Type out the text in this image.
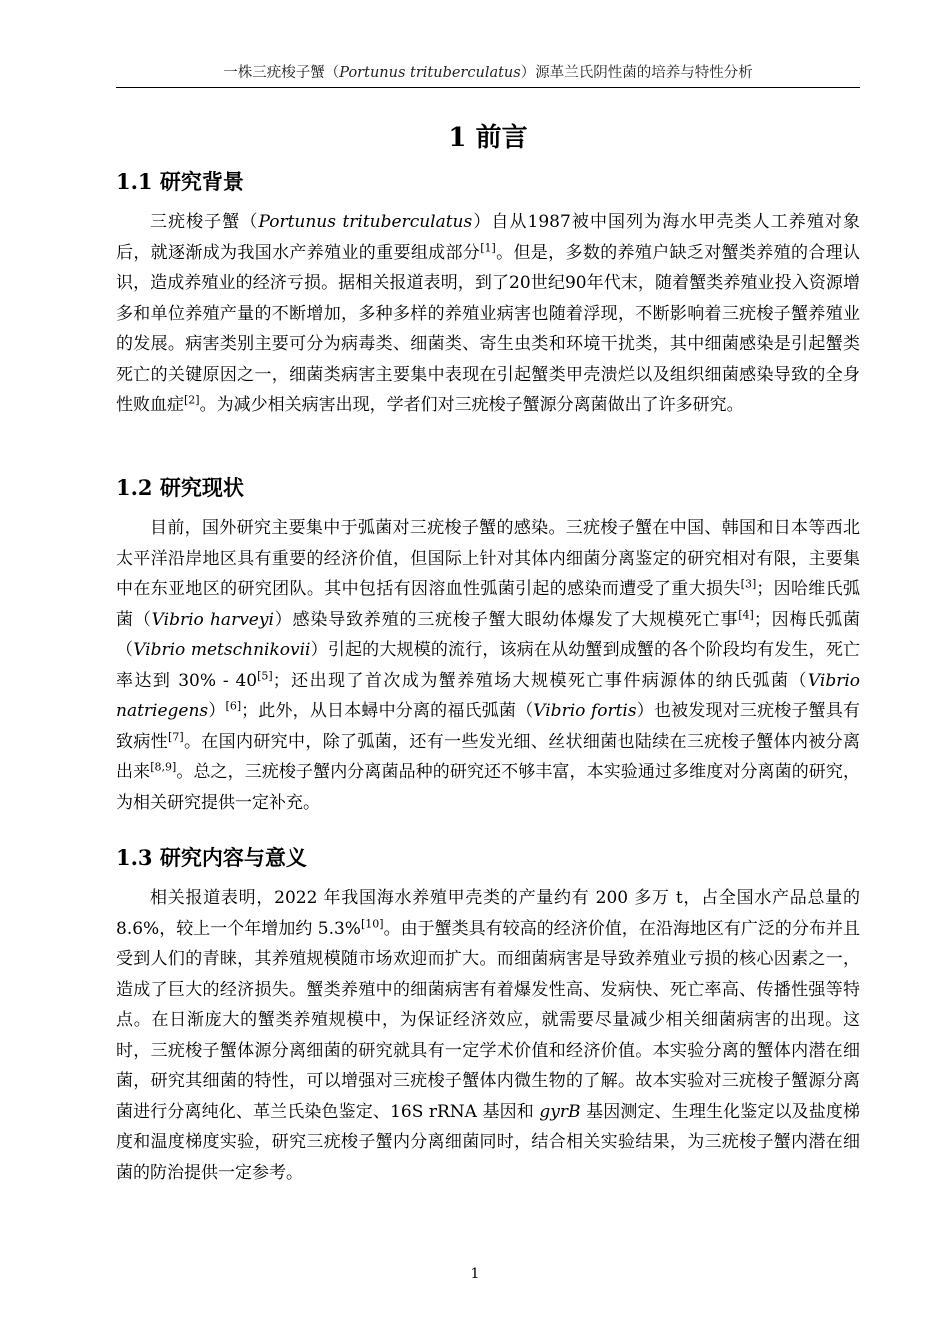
一株三疣梭子蟹（Portunus trituberculatus）源革兰氏阴性菌的培养与特性分析
1 前言
1.1 研究背景

三疣梭子蟹（Portunus trituberculatus）自从1987被中国列为海水甲壳类人工养殖对象后，就逐渐成为我国水产养殖业的重要组成部分[1]。但是，多数的养殖户缺乏对蟹类养殖的合理认识，造成养殖业的经济亏损。据相关报道表明，到了20世纪90年代末，随着蟹类养殖业投入资源增多和单位养殖产量的不断增加，多种多样的养殖业病害也随着浮现，不断影响着三疣梭子蟹养殖业的发展。病害类别主要可分为病毒类、细菌类、寄生虫类和环境干扰类，其中细菌感染是引起蟹类死亡的关键原因之一，细菌类病害主要集中表现在引起蟹类甲壳溃烂以及组织细菌感染导致的全身性败血症[2]。为减少相关病害出现，学者们对三疣梭子蟹源分离菌做出了许多研究。

1.2 研究现状

目前，国外研究主要集中于弧菌对三疣梭子蟹的感染。三疣梭子蟹在中国、韩国和日本等西北太平洋沿岸地区具有重要的经济价值，但国际上针对其体内细菌分离鉴定的研究相对有限，主要集中在东亚地区的研究团队。其中包括有因溶血性弧菌引起的感染而遭受了重大损失[3]；因哈维氏弧菌（Vibrio harveyi）感染导致养殖的三疣梭子蟹大眼幼体爆发了大规模死亡事[4]；因梅氏弧菌（Vibrio metschnikovii）引起的大规模的流行，该病在从幼蟹到成蟹的各个阶段均有发生，死亡率达到 30% - 40[5]；还出现了首次成为蟹养殖场大规模死亡事件病源体的纳氏弧菌（Vibrio natriegens）[6]；此外，从日本蟳中分离的福氏弧菌（Vibrio fortis）也被发现对三疣梭子蟹具有致病性[7]。在国内研究中，除了弧菌，还有一些发光细、丝状细菌也陆续在三疣梭子蟹体内被分离出来[8,9]。总之，三疣梭子蟹内分离菌品种的研究还不够丰富，本实验通过多维度对分离菌的研究，为相关研究提供一定补充。

1.3 研究内容与意义

相关报道表明，2022 年我国海水养殖甲壳类的产量约有 200 多万 t，占全国水产品总量的 8.6%，较上一个年增加约 5.3%[10]。由于蟹类具有较高的经济价值，在沿海地区有广泛的分布并且受到人们的青睐，其养殖规模随市场欢迎而扩大。而细菌病害是导致养殖业亏损的核心因素之一，造成了巨大的经济损失。蟹类养殖中的细菌病害有着爆发性高、发病快、死亡率高、传播性强等特点。在日渐庞大的蟹类养殖规模中，为保证经济效应，就需要尽量减少相关细菌病害的出现。这时，三疣梭子蟹体源分离细菌的研究就具有一定学术价值和经济价值。本实验分离的蟹体内潜在细菌，研究其细菌的特性，可以增强对三疣梭子蟹体内微生物的了解。故本实验对三疣梭子蟹源分离菌进行分离纯化、革兰氏染色鉴定、16S rRNA 基因和 gyrB 基因测定、生理生化鉴定以及盐度梯度和温度梯度实验，研究三疣梭子蟹内分离细菌同时，结合相关实验结果，为三疣梭子蟹内潜在细菌的防治提供一定参考。

1
